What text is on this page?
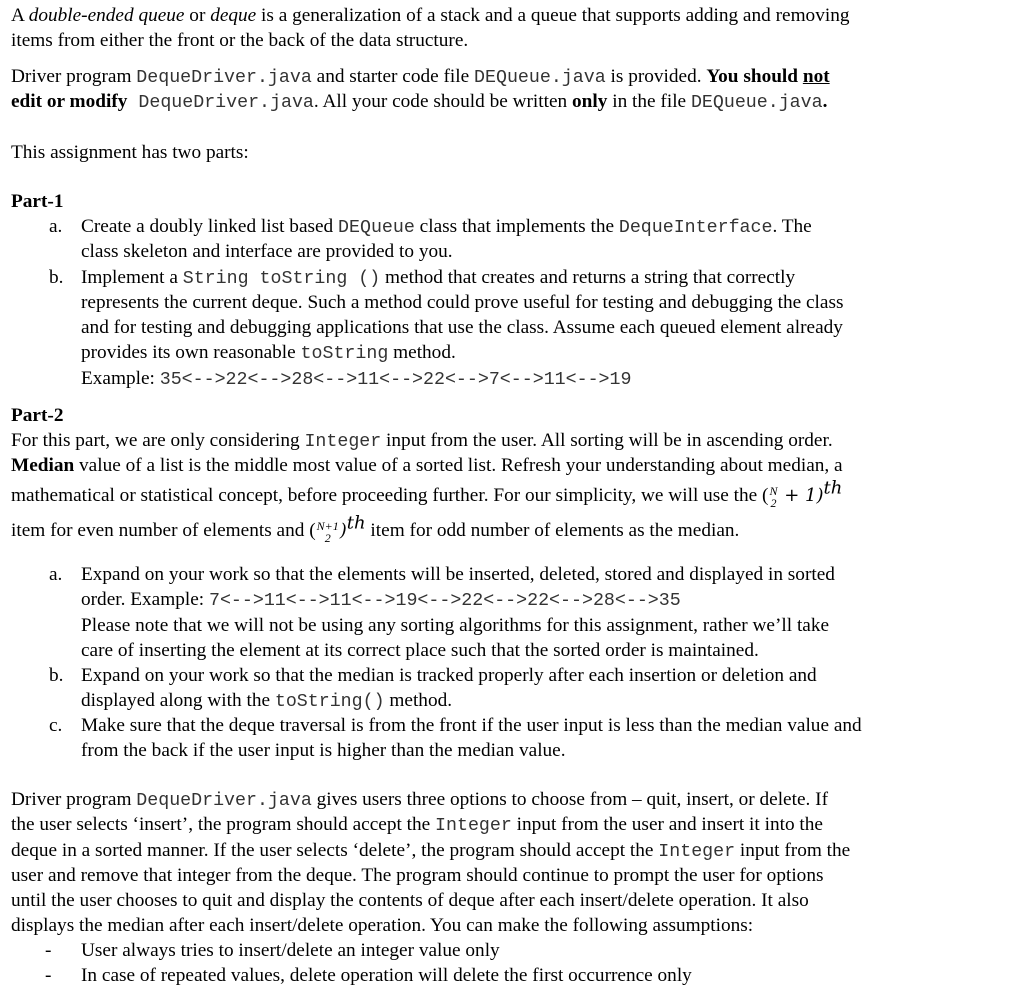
A double-ended queue or deque is a generalization of a stack and a queue that supports adding and removing
items from either the front or the back of the data structure.
Driver program DequeDriver.java and starter code file DEQueue.java is provided. You should not
edit or modify DequeDriver.java. All your code should be written only in the file DEQueue.java.
This assignment has two parts:
Part-1
a. Create a doubly linked list based DEQueue class that implements the DequeInterface. The
class skeleton and interface are provided to you.
b. Implement a String toString () method that creates and returns a string that correctly
represents the current deque. Such a method could prove useful for testing and debugging the class
and for testing and debugging applications that use the class. Assume each queued element already
provides its own reasonable toString method.
Example: 35<-->22<-->28<-->11<-->22<-->7<-->11<-->19
Part-2
For this part, we are only considering Integer input from the user. All sorting will be in ascending order.
Median value of a list is the middle most value of a sorted list. Refresh your understanding about median, a
mathematical or statistical concept, before proceeding further. For our simplicity, we will use the ( N
2 + 1)$^{th}$
item for even number of elements and ( N+1
2 )$^{th}$ item for odd number of elements as the median.
a. Expand on your work so that the elements will be inserted, deleted, stored and displayed in sorted
order. Example: 7<-->11<-->11<-->19<-->22<-->22<-->28<-->35
Please note that we will not be using any sorting algorithms for this assignment, rather we’ll take
care of inserting the element at its correct place such that the sorted order is maintained.
b. Expand on your work so that the median is tracked properly after each insertion or deletion and
displayed along with the toString() method.
c. Make sure that the deque traversal is from the front if the user input is less than the median value and
from the back if the user input is higher than the median value.
Driver program DequeDriver.java gives users three options to choose from – quit, insert, or delete. If
the user selects ‘insert’, the program should accept the Integer input from the user and insert it into the
deque in a sorted manner. If the user selects ‘delete’, the program should accept the Integer input from the
user and remove that integer from the deque. The program should continue to prompt the user for options
until the user chooses to quit and display the contents of deque after each insert/delete operation. It also
displays the median after each insert/delete operation. You can make the following assumptions:
- User always tries to insert/delete an integer value only
- In case of repeated values, delete operation will delete the first occurrence only
